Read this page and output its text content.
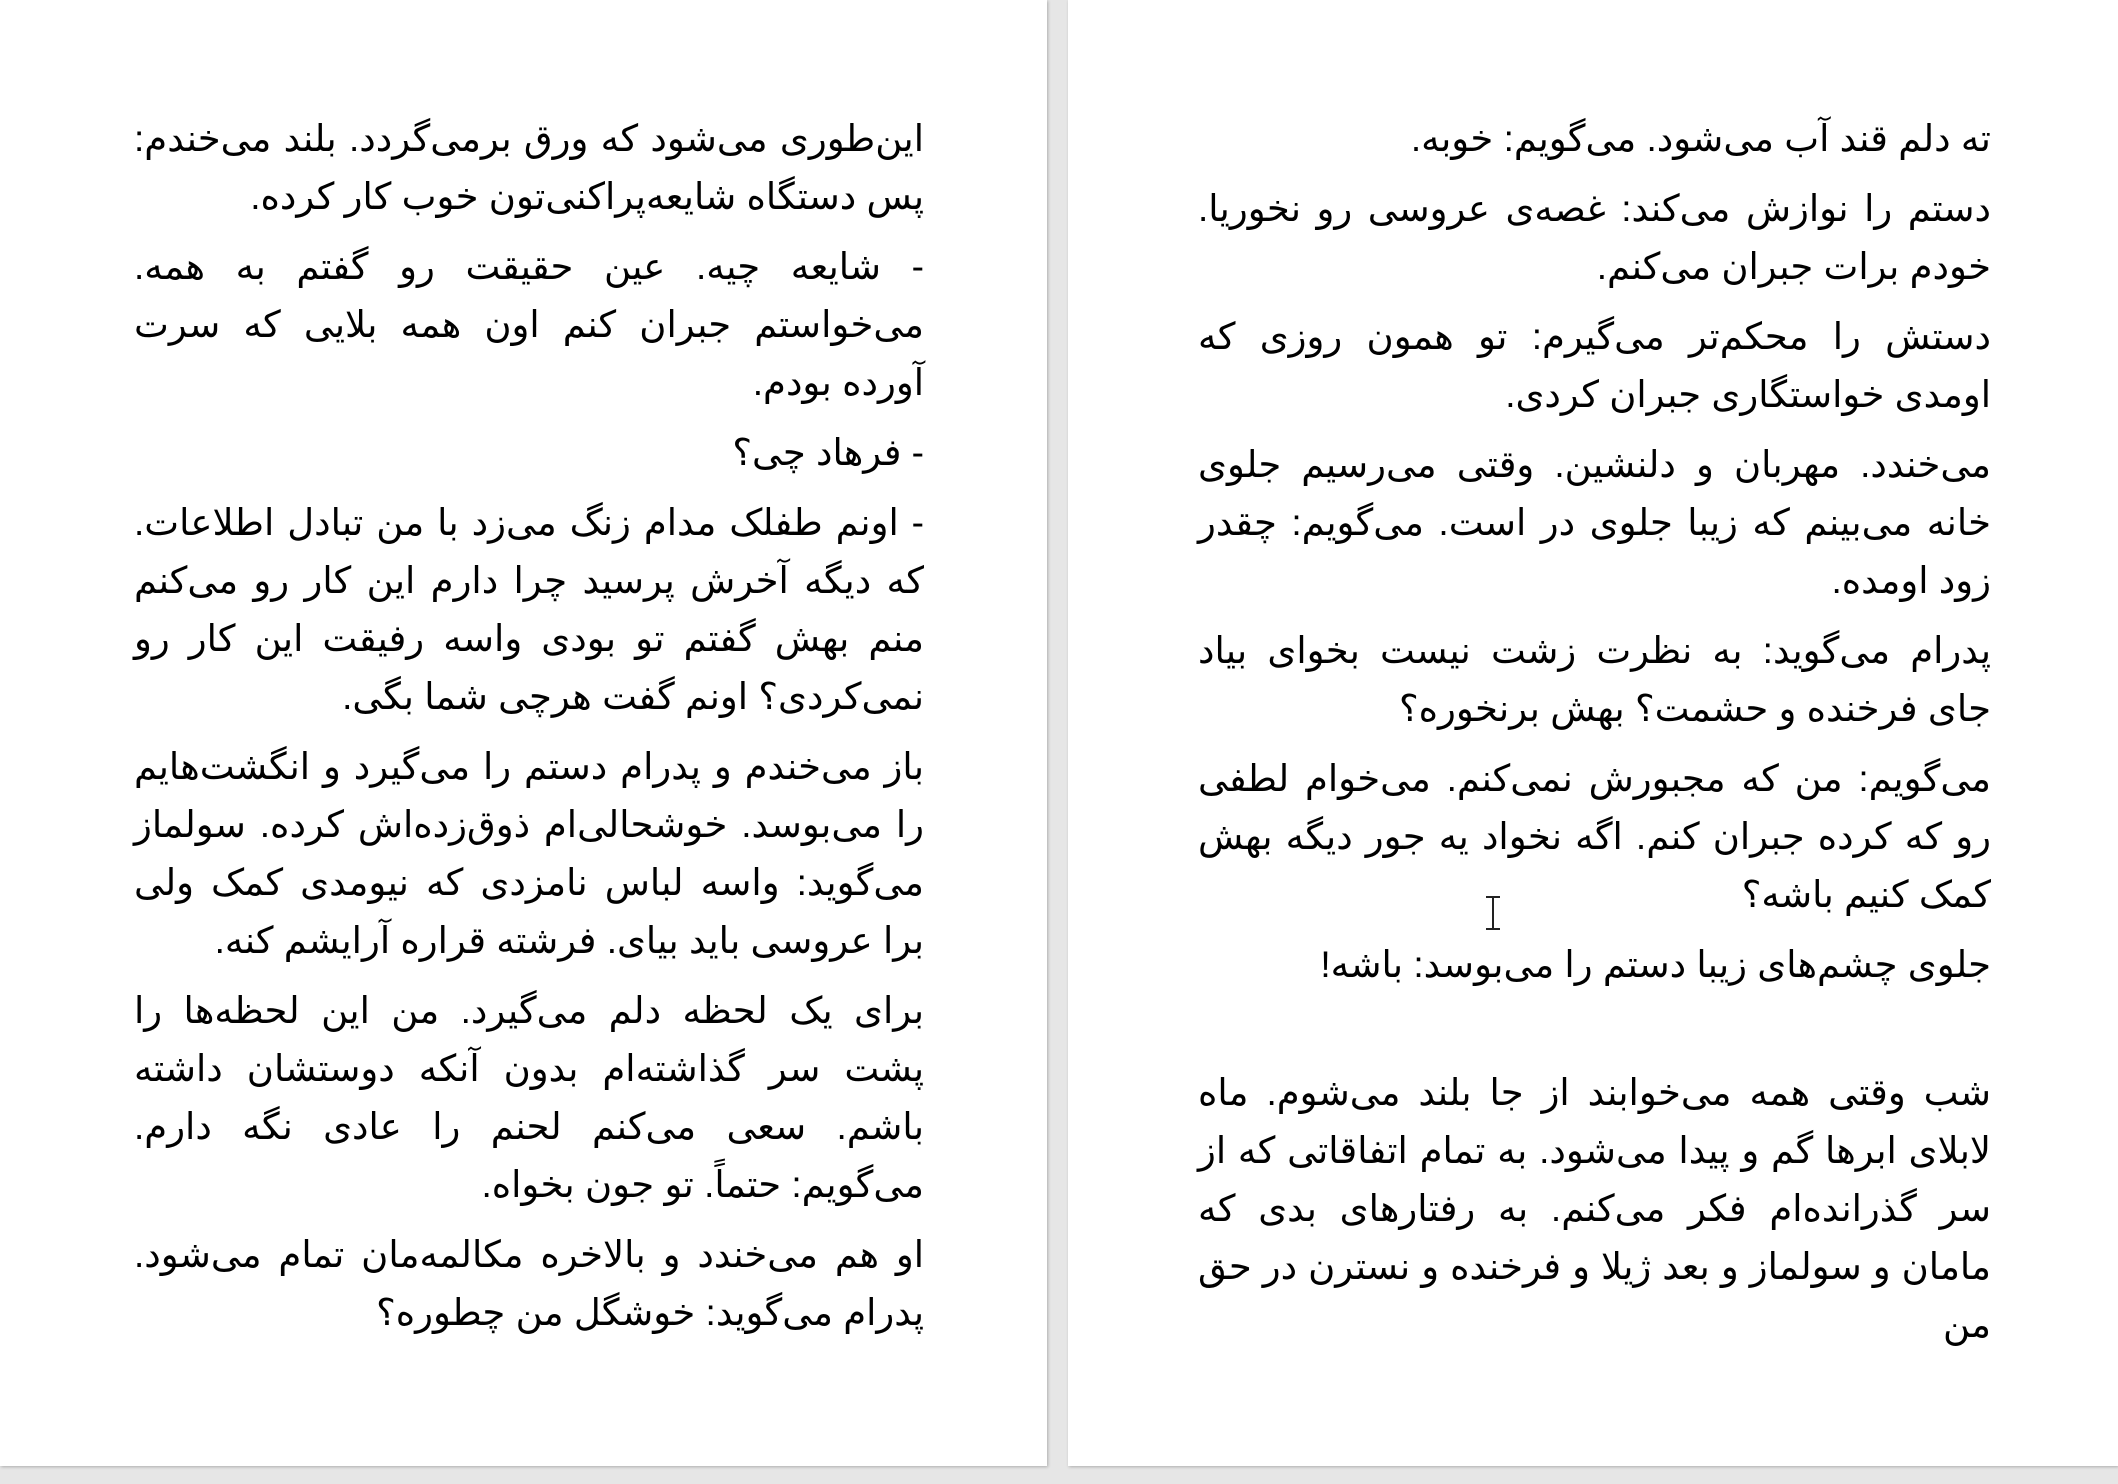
این‌طوری می‌شود که ورق برمی‌گردد. بلند می‌خندم: پس دستگاه شایعه‌پراکنی‌تون خوب کار کرده.

- شایعه چیه. عین حقیقت رو گفتم به همه. می‌خواستم جبران کنم اون همه بلایی که سرت آورده بودم.

- فرهاد چی؟

- اونم طفلک مدام زنگ می‌زد با من تبادل اطلاعات. که دیگه آخرش پرسید چرا دارم این کار رو می‌کنم منم بهش گفتم تو بودی واسه رفیقت این کار رو نمی‌کردی؟ اونم گفت هرچی شما بگی.

باز می‌خندم و پدرام دستم را می‌گیرد و انگشت‌هایم را می‌بوسد. خوشحالی‌ام ذوق‌زده‌اش کرده. سولماز می‌گوید: واسه لباس نامزدی که نیومدی کمک ولی برا عروسی باید بیای. فرشته قراره آرایشم کنه.

برای یک لحظه دلم می‌گیرد. من این لحظه‌ها را پشت سر گذاشته‌ام بدون آنکه دوستشان داشته باشم. سعی می‌کنم لحنم را عادی نگه دارم. می‌گویم: حتماً. تو جون بخواه.

او هم می‌خندد و بالاخره مکالمه‌مان تمام می‌شود. پدرام می‌گوید: خوشگل من چطوره؟

ته دلم قند آب می‌شود. می‌گویم: خوبه.

دستم را نوازش می‌کند: غصه‌ی عروسی رو نخوریا. خودم برات جبران می‌کنم.

دستش را محکم‌تر می‌گیرم: تو همون روزی که اومدی خواستگاری جبران کردی.

می‌خندد. مهربان و دلنشین. وقتی می‌رسیم جلوی خانه می‌بینم که زیبا جلوی در است. می‌گویم: چقدر زود اومده.

پدرام می‌گوید: به نظرت زشت نیست بخوای بیاد جای فرخنده و حشمت؟ بهش برنخوره؟

می‌گویم: من که مجبورش نمی‌کنم. می‌خوام لطفی رو که کرده جبران کنم. اگه نخواد یه جور دیگه بهش کمک کنیم باشه؟

جلوی چشم‌های زیبا دستم را می‌بوسد: باشه!

شب وقتی همه می‌خوابند از جا بلند می‌شوم. ماه لابلای ابرها گم و پیدا می‌شود. به تمام اتفاقاتی که از سر گذرانده‌ام فکر می‌کنم. به رفتارهای بدی که مامان و سولماز و بعد ژیلا و فرخنده و نسترن در حق من
